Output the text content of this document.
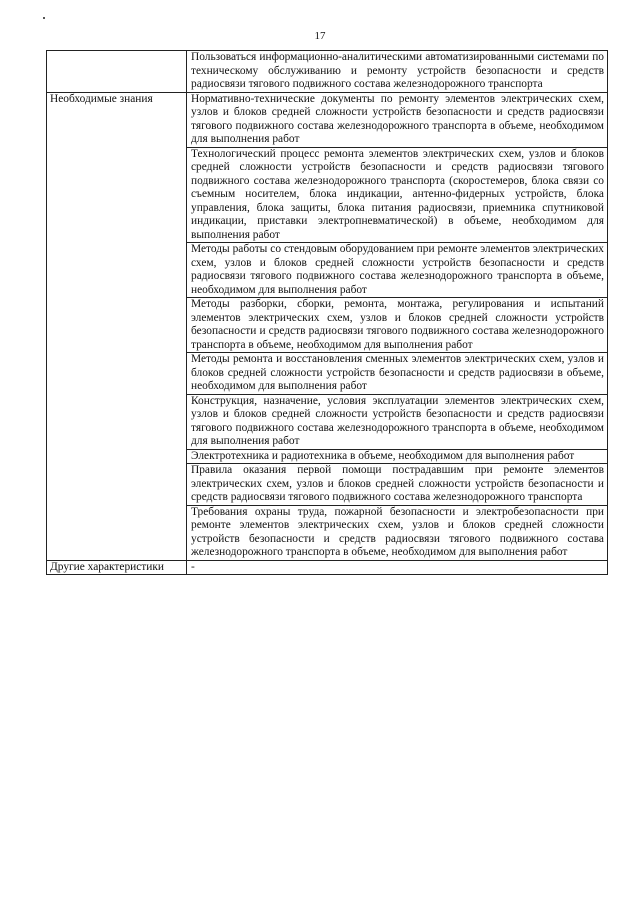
17
	Пользоваться информационно-аналитическими автоматизированными системами по техническому обслуживанию и ремонту устройств безопасности и средств радиосвязи тягового подвижного состава железнодорожного транспорта
Необходимые знания	Нормативно-технические документы по ремонту элементов электрических схем, узлов и блоков средней сложности устройств безопасности и средств радиосвязи тягового подвижного состава железнодорожного транспорта в объеме, необходимом для выполнения работ
	Технологический процесс ремонта элементов электрических схем, узлов и блоков средней сложности устройств безопасности и средств радиосвязи тягового подвижного состава железнодорожного транспорта (скоростемеров, блока связи со съемным носителем, блока индикации, антенно-фидерных устройств, блока управления, блока защиты, блока питания радиосвязи, приемника спутниковой индикации, приставки электропневматической) в объеме, необходимом для выполнения работ
	Методы работы со стендовым оборудованием при ремонте элементов электрических схем, узлов и блоков средней сложности устройств безопасности и средств радиосвязи тягового подвижного состава железнодорожного транспорта в объеме, необходимом для выполнения работ
	Методы разборки, сборки, ремонта, монтажа, регулирования и испытаний элементов электрических схем, узлов и блоков средней сложности устройств безопасности и средств радиосвязи тягового подвижного состава железнодорожного транспорта в объеме, необходимом для выполнения работ
	Методы ремонта и восстановления сменных элементов электрических схем, узлов и блоков средней сложности устройств безопасности и средств радиосвязи в объеме, необходимом для выполнения работ
	Конструкция, назначение, условия эксплуатации элементов электрических схем, узлов и блоков средней сложности устройств безопасности и средств радиосвязи тягового подвижного состава железнодорожного транспорта в объеме, необходимом для выполнения работ
	Электротехника и радиотехника в объеме, необходимом для выполнения работ
	Правила оказания первой помощи пострадавшим при ремонте элементов электрических схем, узлов и блоков средней сложности устройств безопасности и средств радиосвязи тягового подвижного состава железнодорожного транспорта
	Требования охраны труда, пожарной безопасности и электробезопасности при ремонте элементов электрических схем, узлов и блоков средней сложности устройств безопасности и средств радиосвязи тягового подвижного состава железнодорожного транспорта в объеме, необходимом для выполнения работ
Другие характеристики	-
